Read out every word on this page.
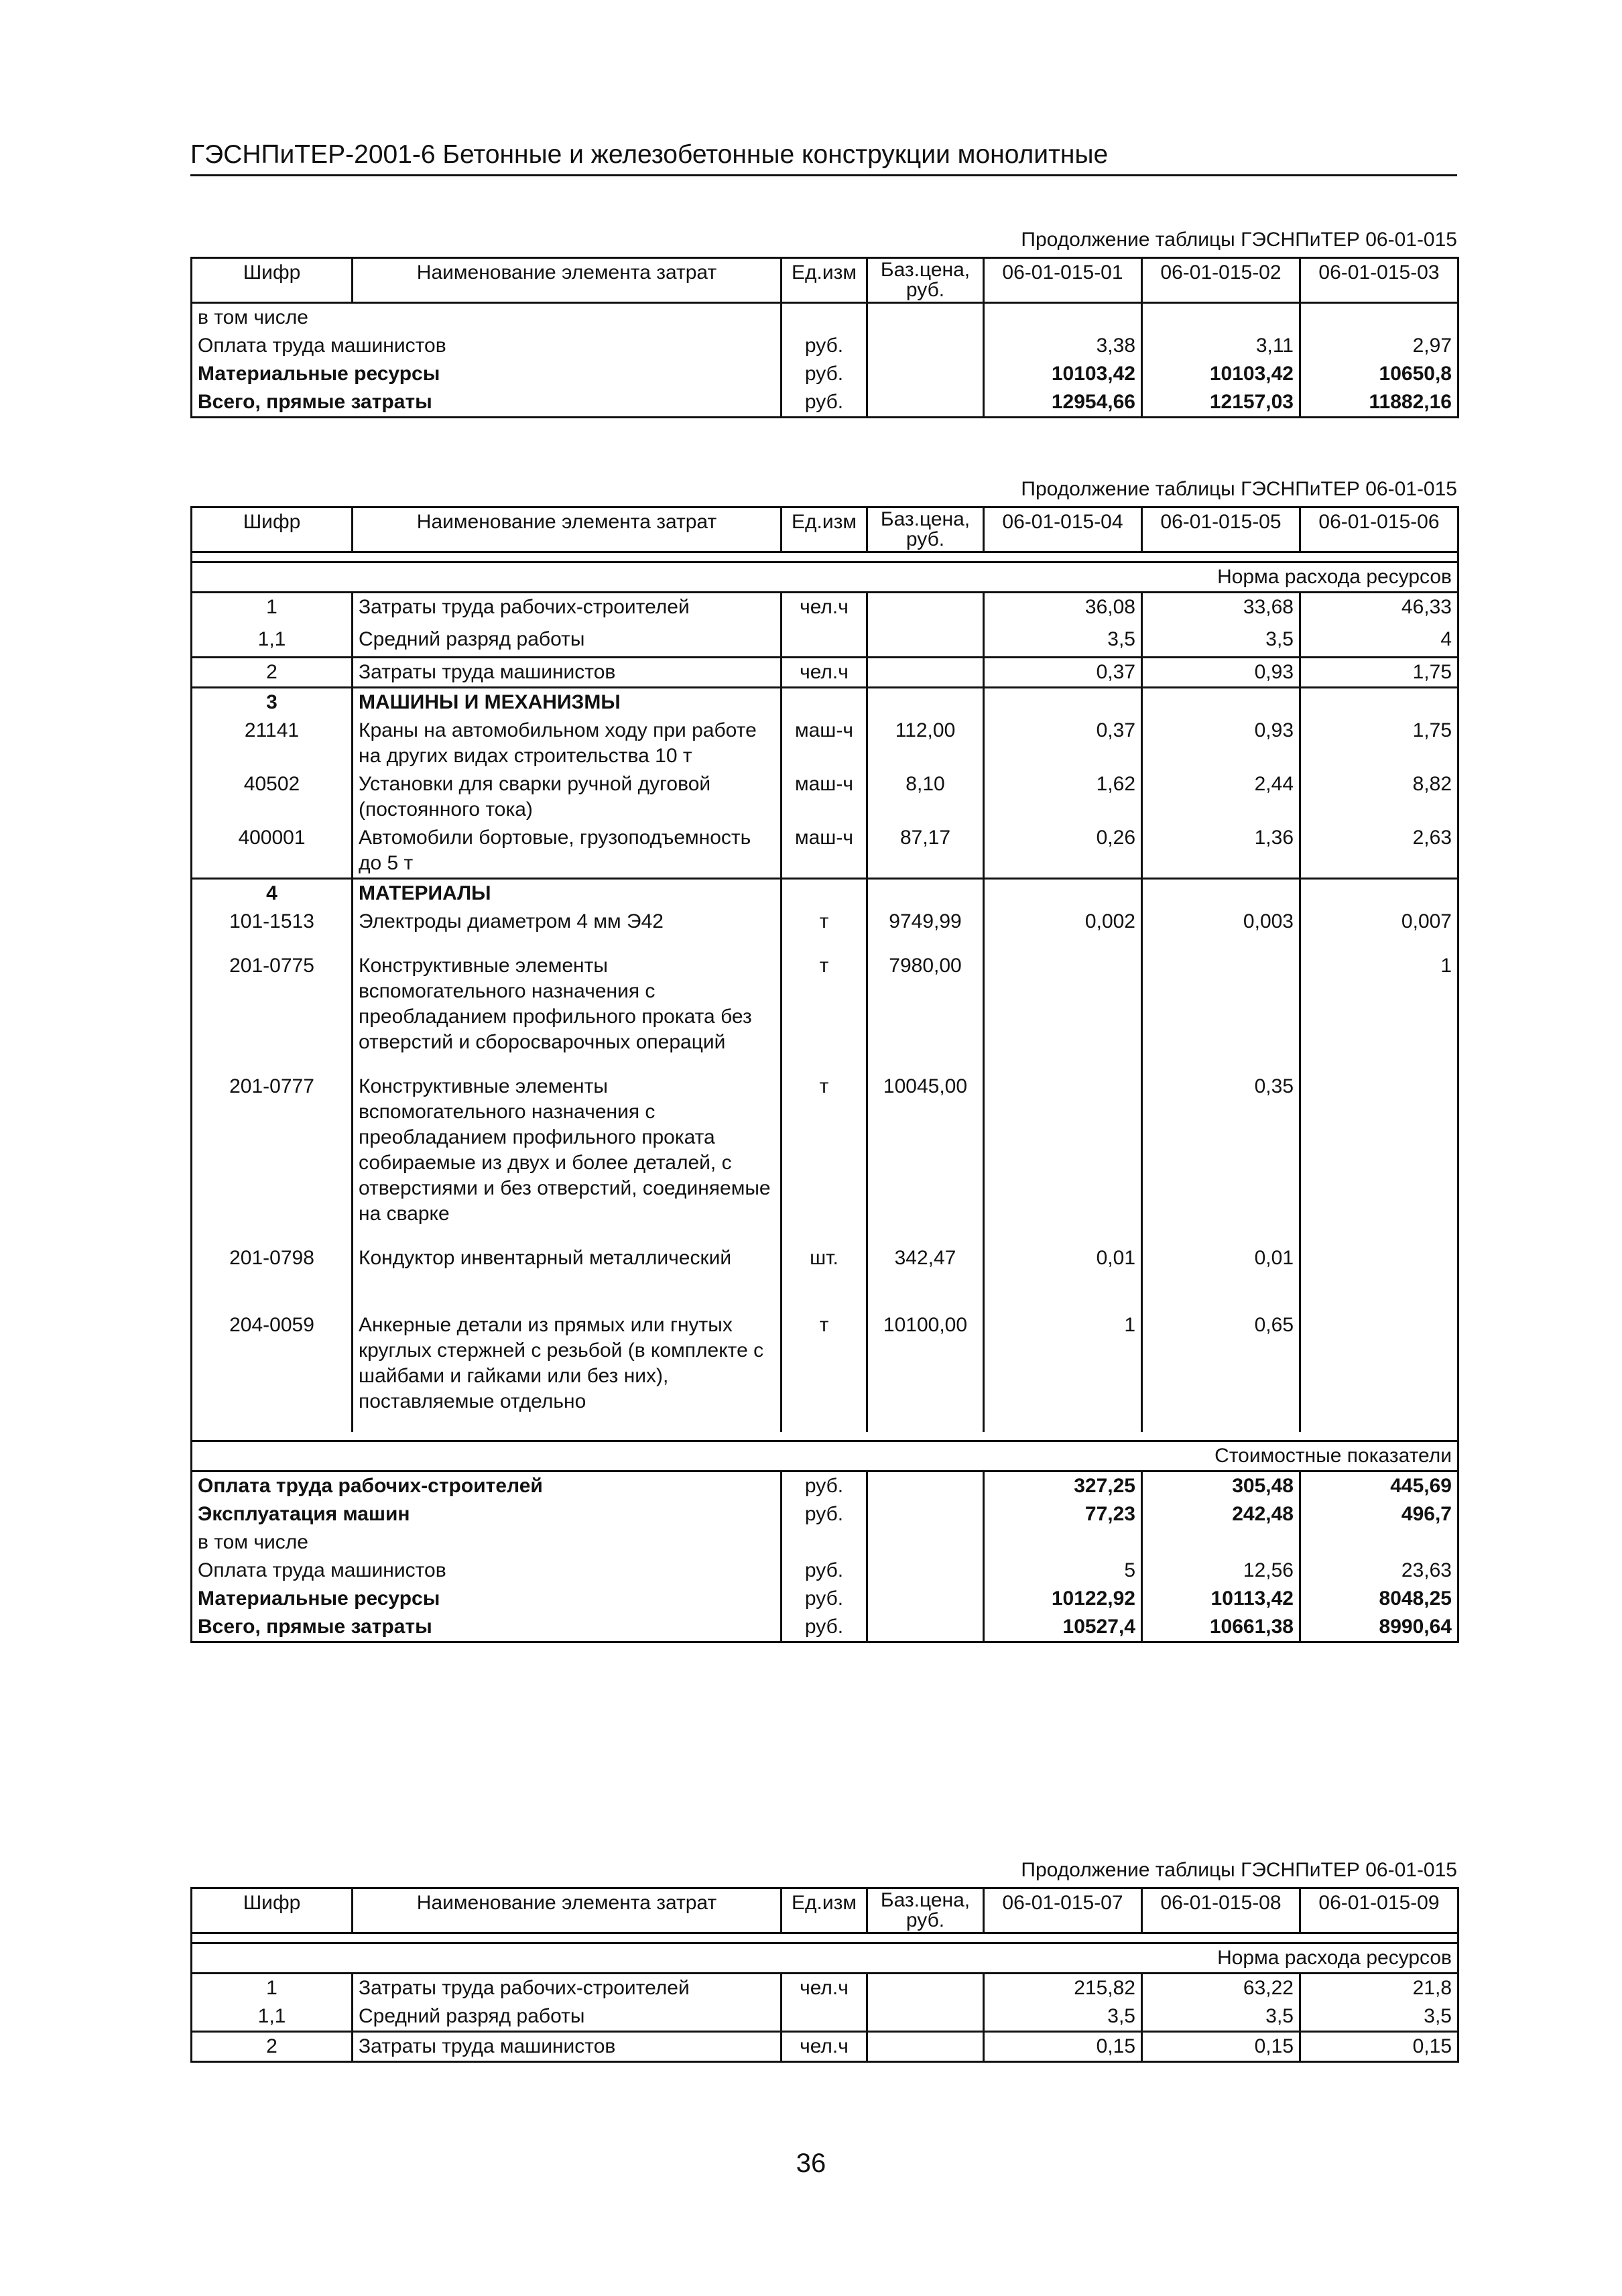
ГЭСНПиТЕР-2001-6 Бетонные и железобетонные конструкции монолитные
Продолжение таблицы ГЭСНПиТЕР 06-01-015
Шифр	Наименование элемента затрат	Ед.изм	Баз.цена, руб.	06-01-015-01	06-01-015-02	06-01-015-03
в том числе						
Оплата труда машинистов		руб.		3,38	3,11	2,97
Материальные ресурсы		руб.		10103,42	10103,42	10650,8
Всего, прямые затраты		руб.		12954,66	12157,03	11882,16
Продолжение таблицы ГЭСНПиТЕР 06-01-015
Шифр	Наименование элемента затрат	Ед.изм	Баз.цена, руб.	06-01-015-04	06-01-015-05	06-01-015-06

Норма расхода ресурсов						
1	Затраты труда рабочих-строителей	чел.ч		36,08	33,68	46,33
1,1	Средний разряд работы			3,5	3,5	4
2	Затраты труда машинистов	чел.ч		0,37	0,93	1,75
3	МАШИНЫ И МЕХАНИЗМЫ					
21141	Краны на автомобильном ходу при работе на других видах строительства 10 т	маш-ч	112,00	0,37	0,93	1,75
40502	Установки для сварки ручной дуговой (постоянного тока)	маш-ч	8,10	1,62	2,44	8,82
400001	Автомобили бортовые, грузоподъемность до 5 т	маш-ч	87,17	0,26	1,36	2,63
4	МАТЕРИАЛЫ					
101-1513	Электроды диаметром 4 мм Э42	т	9749,99	0,002	0,003	0,007
201-0775	Конструктивные элементы вспомогательного назначения с преобладанием профильного проката без отверстий и сборосварочных операций	т	7980,00			1
201-0777	Конструктивные элементы вспомогательного назначения с преобладанием профильного проката собираемые из двух и более деталей, с отверстиями и без отверстий, соединяемые на сварке	т	10045,00		0,35	
201-0798	Кондуктор инвентарный металлический	шт.	342,47	0,01	0,01	
204-0059	Анкерные детали из прямых или гнутых круглых стержней с резьбой (в комплекте с шайбами и гайками или без них), поставляемые отдельно	т	10100,00	1	0,65	

Стоимостные показатели						
Оплата труда рабочих-строителей		руб.		327,25	305,48	445,69
Эксплуатация машин		руб.		77,23	242,48	496,7
в том числе						
Оплата труда машинистов		руб.		5	12,56	23,63
Материальные ресурсы		руб.		10122,92	10113,42	8048,25
Всего, прямые затраты		руб.		10527,4	10661,38	8990,64
Продолжение таблицы ГЭСНПиТЕР 06-01-015
Шифр	Наименование элемента затрат	Ед.изм	Баз.цена, руб.	06-01-015-07	06-01-015-08	06-01-015-09

Норма расхода ресурсов						
1	Затраты труда рабочих-строителей	чел.ч		215,82	63,22	21,8
1,1	Средний разряд работы			3,5	3,5	3,5
2	Затраты труда машинистов	чел.ч		0,15	0,15	0,15
36
